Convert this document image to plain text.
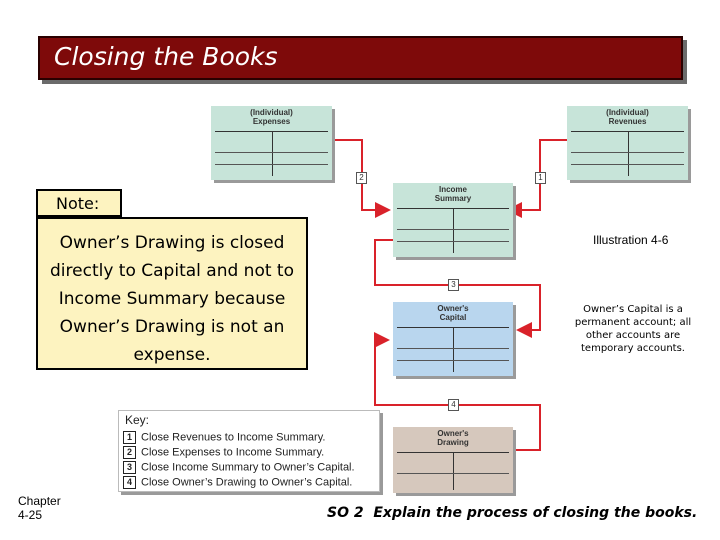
Closing the Books
2	1
3
4
(Individual)
Expenses
(Individual)
Revenues
Income
Summary
Owner's
Capital
Owner's
Drawing
Note:
Owner’s Drawing is closed directly to Capital and not to Income Summary because Owner’s Drawing is not an expense.
Illustration 4-6
Owner’s Capital is a permanent account; all other accounts are temporary accounts.
Key:
1 Close Revenues to Income Summary.
2 Close Expenses to Income Summary.
3 Close Income Summary to Owner’s Capital.
4 Close Owner’s Drawing to Owner’s Capital.
Chapter
4-25	SO 2  Explain the process of closing the books.
